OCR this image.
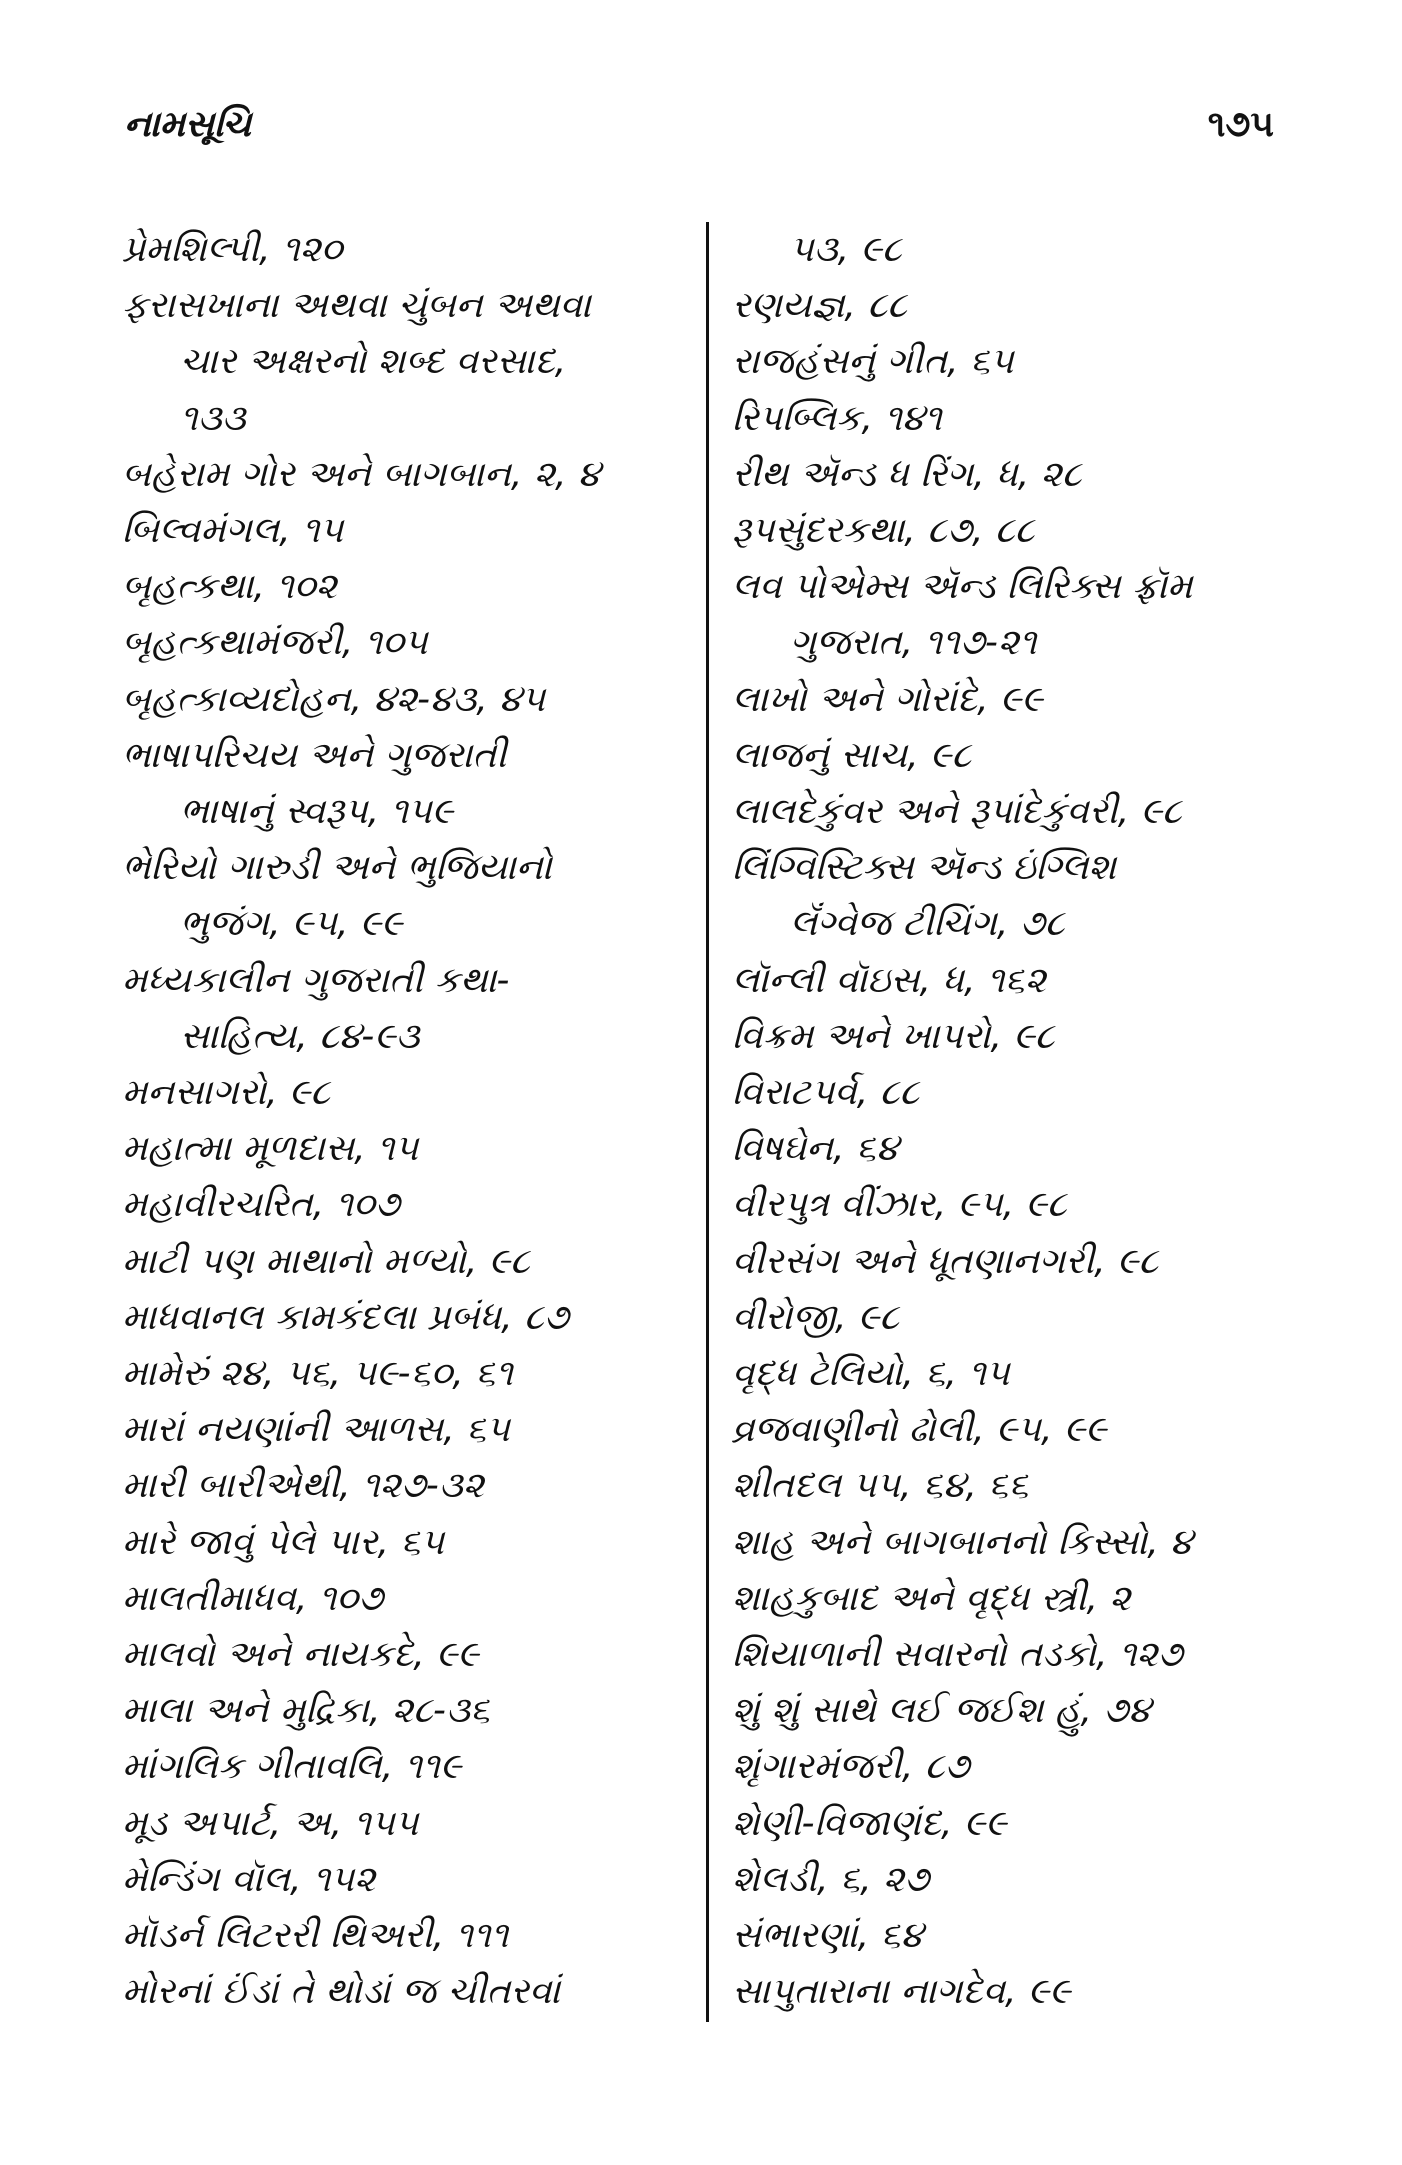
નામસૂચિ	૧૭૫

પ્રેમશિલ્પી, ૧૨૦

ફરાસખાના અથવા ચુંબન અથવા

ચાર અક્ષરનો શબ્દ વરસાદ,

૧૩૩

બહેરામ ગોર અને બાગબાન, ૨, ૪

બિલ્વમંગલ, ૧૫

બૃહત્કથા, ૧૦૨

બૃહત્કથામંજરી, ૧૦૫

બૃહત્કાવ્યદોહન, ૪૨-૪૩, ૪૫

ભાષાપરિચય અને ગુજરાતી

ભાષાનું સ્વરૂપ, ૧૫૯

ભેરિયો ગારુડી અને ભુજિયાનો

ભુજંગ, ૯૫, ૯૯

મધ્યકાલીન ગુજરાતી કથા-

સાહિત્ય, ૮૪-૯૩

મનસાગરો, ૯૮

મહાત્મા મૂળદાસ, ૧૫

મહાવીરચરિત, ૧૦૭

માટી પણ માથાનો મળ્યો, ૯૮

માધવાનલ કામકંદલા પ્રબંધ, ૮૭

મામેરું ૨૪, ૫૬, ૫૯-૬૦, ૬૧

મારાં નયણાંની આળસ, ૬૫

મારી બારીએથી, ૧૨૭-૩૨

મારે જાવું પેલે પાર, ૬૫

માલતીમાધવ, ૧૦૭

માલવો અને નાયકદે, ૯૯

માલા અને મુદ્રિકા, ૨૮-૩૬

માંગલિક ગીતાવલિ, ૧૧૯

મૂડ અપાર્ટ, અ, ૧૫૫

મેન્ડિંગ વૉલ, ૧૫૨

મૉડર્ન લિટરરી થિઅરી, ૧૧૧

મોરનાં ઈંડાં તે થોડાં જ ચીતરવાં

૫૩, ૯૮

રણયજ્ઞ, ૮૮

રાજહંસનું ગીત, ૬૫

રિપબ્લિક, ૧૪૧

રીથ ઍન્ડ ધ રિંગ, ધ, ૨૮

રૂપસુંદરકથા, ૮૭, ૮૮

લવ પોએમ્સ ઍન્ડ લિરિક્સ ફ્રૉમ

ગુજરાત, ૧૧૭-૨૧

લાખો અને ગોરાંદે, ૯૯

લાજનું સાચ, ૯૮

લાલદેકુંવર અને રૂપાંદેકુંવરી, ૯૮

લિંગ્વિસ્ટિક્સ ઍન્ડ ઇંગ્લિશ

લૅંગ્વેજ ટીચિંગ, ૭૮

લૉન્લી વૉઇસ, ધ, ૧૬૨

વિક્રમ અને ખાપરો, ૯૮

વિરાટપર્વ, ૮૮

વિષઘેન, ૬૪

વીરપુત્ર વીંઝાર, ૯૫, ૯૮

વીરસંગ અને ધૂતણાનગરી, ૯૮

વીરોજી, ૯૮

વૃદ્ધ ટેલિયો, ૬, ૧૫

વ્રજવાણીનો ઢોલી, ૯૫, ૯૯

શીતદલ ૫૫, ૬૪, ૬૬

શાહ અને બાગબાનનો કિસ્સો, ૪

શાહકુબાદ અને વૃદ્ધ સ્ત્રી, ૨

શિયાળાની સવારનો તડકો, ૧૨૭

શું શું સાથે લઈ જઈશ હું, ૭૪

શૃંગારમંજરી, ૮૭

શેણી-વિજાણંદ, ૯૯

શેલડી, ૬, ૨૭

સંભારણાં, ૬૪

સાપુતારાના નાગદેવ, ૯૯
